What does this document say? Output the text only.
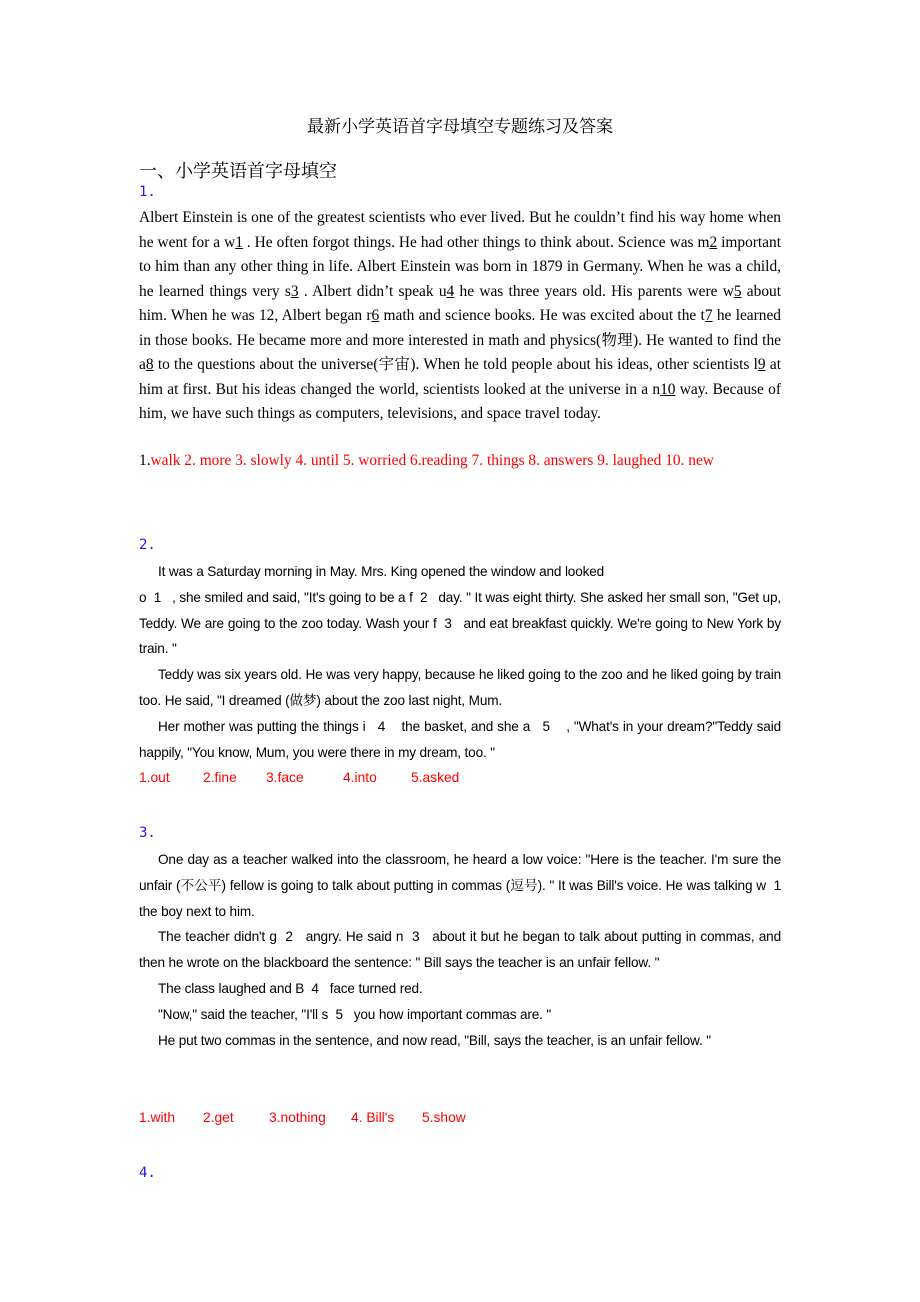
最新小学英语首字母填空专题练习及答案
一、小学英语首字母填空
1.
Albert Einstein is one of the greatest scientists who ever lived. But he couldn’t find his way home when he went for a w1 . He often forgot things. He had other things to think about. Science was m2 important to him than any other thing in life. Albert Einstein was born in 1879 in Germany. When he was a child, he learned things very s3 . Albert didn’t speak u4 he was three years old. His parents were w5 about him. When he was 12, Albert began r6 math and science books. He was excited about the t7 he learned in those books. He became more and more interested in math and physics(物理). He wanted to find the a8 to the questions about the universe(宇宙). When he told people about his ideas, other scientists l9 at him at first. But his ideas changed the world, scientists looked at the universe in a n10 way. Because of him, we have such things as computers, televisions, and space travel today.
1.walk 2. more 3. slowly 4. until 5. worried 6.reading 7. things 8. answers 9. laughed 10. new
2.

It was a Saturday morning in May. Mrs. King opened the window and looked

o  1   , she smiled and said, "It's going to be a f  2   day. " It was eight thirty. She asked her small son, "Get up, Teddy. We are going to the zoo today. Wash your f  3   and eat breakfast quickly. We're going to New York by train. "

Teddy was six years old. He was very happy, because he liked going to the zoo and he liked going by train too. He said, "I dreamed (做梦) about the zoo last night, Mum.

Her mother was putting the things i   4    the basket, and she a   5    , "What's in your dream?"Teddy said happily, "You know, Mum, you were there in my dream, too. "

1.out 2.fine 3.face	4.into 5.asked
3.

One day as a teacher walked into the classroom, he heard a low voice: "Here is the teacher. I'm sure the unfair (不公平) fellow is going to talk about putting in commas (逗号). " It was Bill's voice. He was talking w  1   the boy next to him.

The teacher didn't g  2   angry. He said n  3   about it but he began to talk about putting in commas, and then he wrote on the blackboard the sentence: " Bill says the teacher is an unfair fellow. "

The class laughed and B  4   face turned red.

"Now," said the teacher, "I'll s  5   you how important commas are. "

He put two commas in the sentence, and now read, "Bill, says the teacher, is an unfair fellow. "

1.with 2.get	3.nothing 4. Bill's 5.show
4.
